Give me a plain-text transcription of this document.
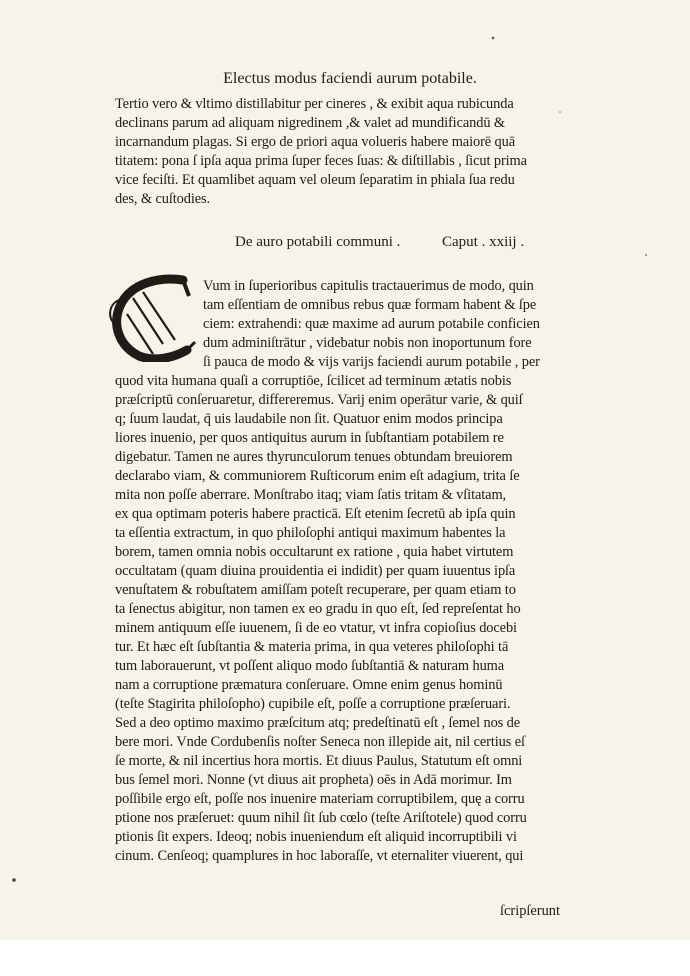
Electus modus faciendi aurum potabile.
Tertio vero & vltimo distillabitur per cineres , & exibit aqua rubicunda
declinans parum ad aliquam nigredinem ,& valet ad mundificandū &
incarnandum plagas. Si ergo de priori aqua volueris habere maiorē quā
titatem: pona ſ ipſa aqua prima ſuper feces ſuas: & diſtillabis , ſicut prima
vice feciſti. Et quamlibet aquam vel oleum ſeparatim in phiala ſua redu
des, & cuſtodies.
De auro potabili communi .	Caput . xxiij .
C
Vum in ſuperioribus capitulis tractauerimus de modo, quin
tam eſſentiam de omnibus rebus quæ formam habent & ſpe
ciem: extrahendi: quæ maxime ad aurum potabile conficien
dum adminiſtrātur , videbatur nobis non inoportunum fore
ſi pauca de modo & vijs varijs faciendi aurum potabile , per
quod vita humana quaſi a corruptiōe, ſcilicet ad terminum ætatis nobis
præſcriptū conſeruaretur, differeremus. Varij enim operātur varie, & quiſ
q; ſuum laudat, q̄ uis laudabile non ſit. Quatuor enim modos principa
liores inuenio, per quos antiquitus aurum in ſubſtantiam potabilem re
digebatur. Tamen ne aures thyrunculorum tenues obtundam breuiorem
declarabo viam, & communiorem Ruſticorum enim eſt adagium, trita ſe
mita non poſſe aberrare. Monſtrabo itaq; viam ſatis tritam & vſitatam,
ex qua optimam poteris habere practicā. Eſt etenim ſecretū ab ipſa quin
ta eſſentia extractum, in quo philoſophi antiqui maximum habentes la
borem, tamen omnia nobis occultarunt ex ratione , quia habet virtutem
occultatam (quam diuina prouidentia ei indidit) per quam iuuentus ipſa
venuſtatem & robuſtatem amiſſam poteſt recuperare, per quam etiam to
ta ſenectus abigitur, non tamen ex eo gradu in quo eſt, ſed repreſentat ho
minem antiquum eſſe iuuenem, ſi de eo vtatur, vt infra copioſius docebi
tur. Et hæc eſt ſubſtantia & materia prima, in qua veteres philoſophi tā
tum laborauerunt, vt poſſent aliquo modo ſubſtantiā & naturam huma
nam a corruptione præmatura conſeruare. Omne enim genus hominū
(teſte Stagirita philoſopho) cupibile eſt, poſſe a corruptione præſeruari.
Sed a deo optimo maximo præſcitum atq; predeſtinatū eſt , ſemel nos de
bere mori. Vnde Cordubenſis noſter Seneca non illepide ait, nil certius eſ
ſe morte, & nil incertius hora mortis. Et diuus Paulus, Statutum eſt omni
bus ſemel mori. Nonne (vt diuus ait propheta) oēs in Adā morimur. Im
poſſibile ergo eſt, poſſe nos inuenire materiam corruptibilem, quę a corru
ptione nos præſeruet: quum nihil ſit ſub cœlo (teſte Ariſtotele) quod corru
ptionis ſit expers. Ideoq; nobis inueniendum eſt aliquid incorruptibili vi
cinum. Cenſeoq; quamplures in hoc laboraſſe, vt eternaliter viuerent, qui
ſcripſerunt
